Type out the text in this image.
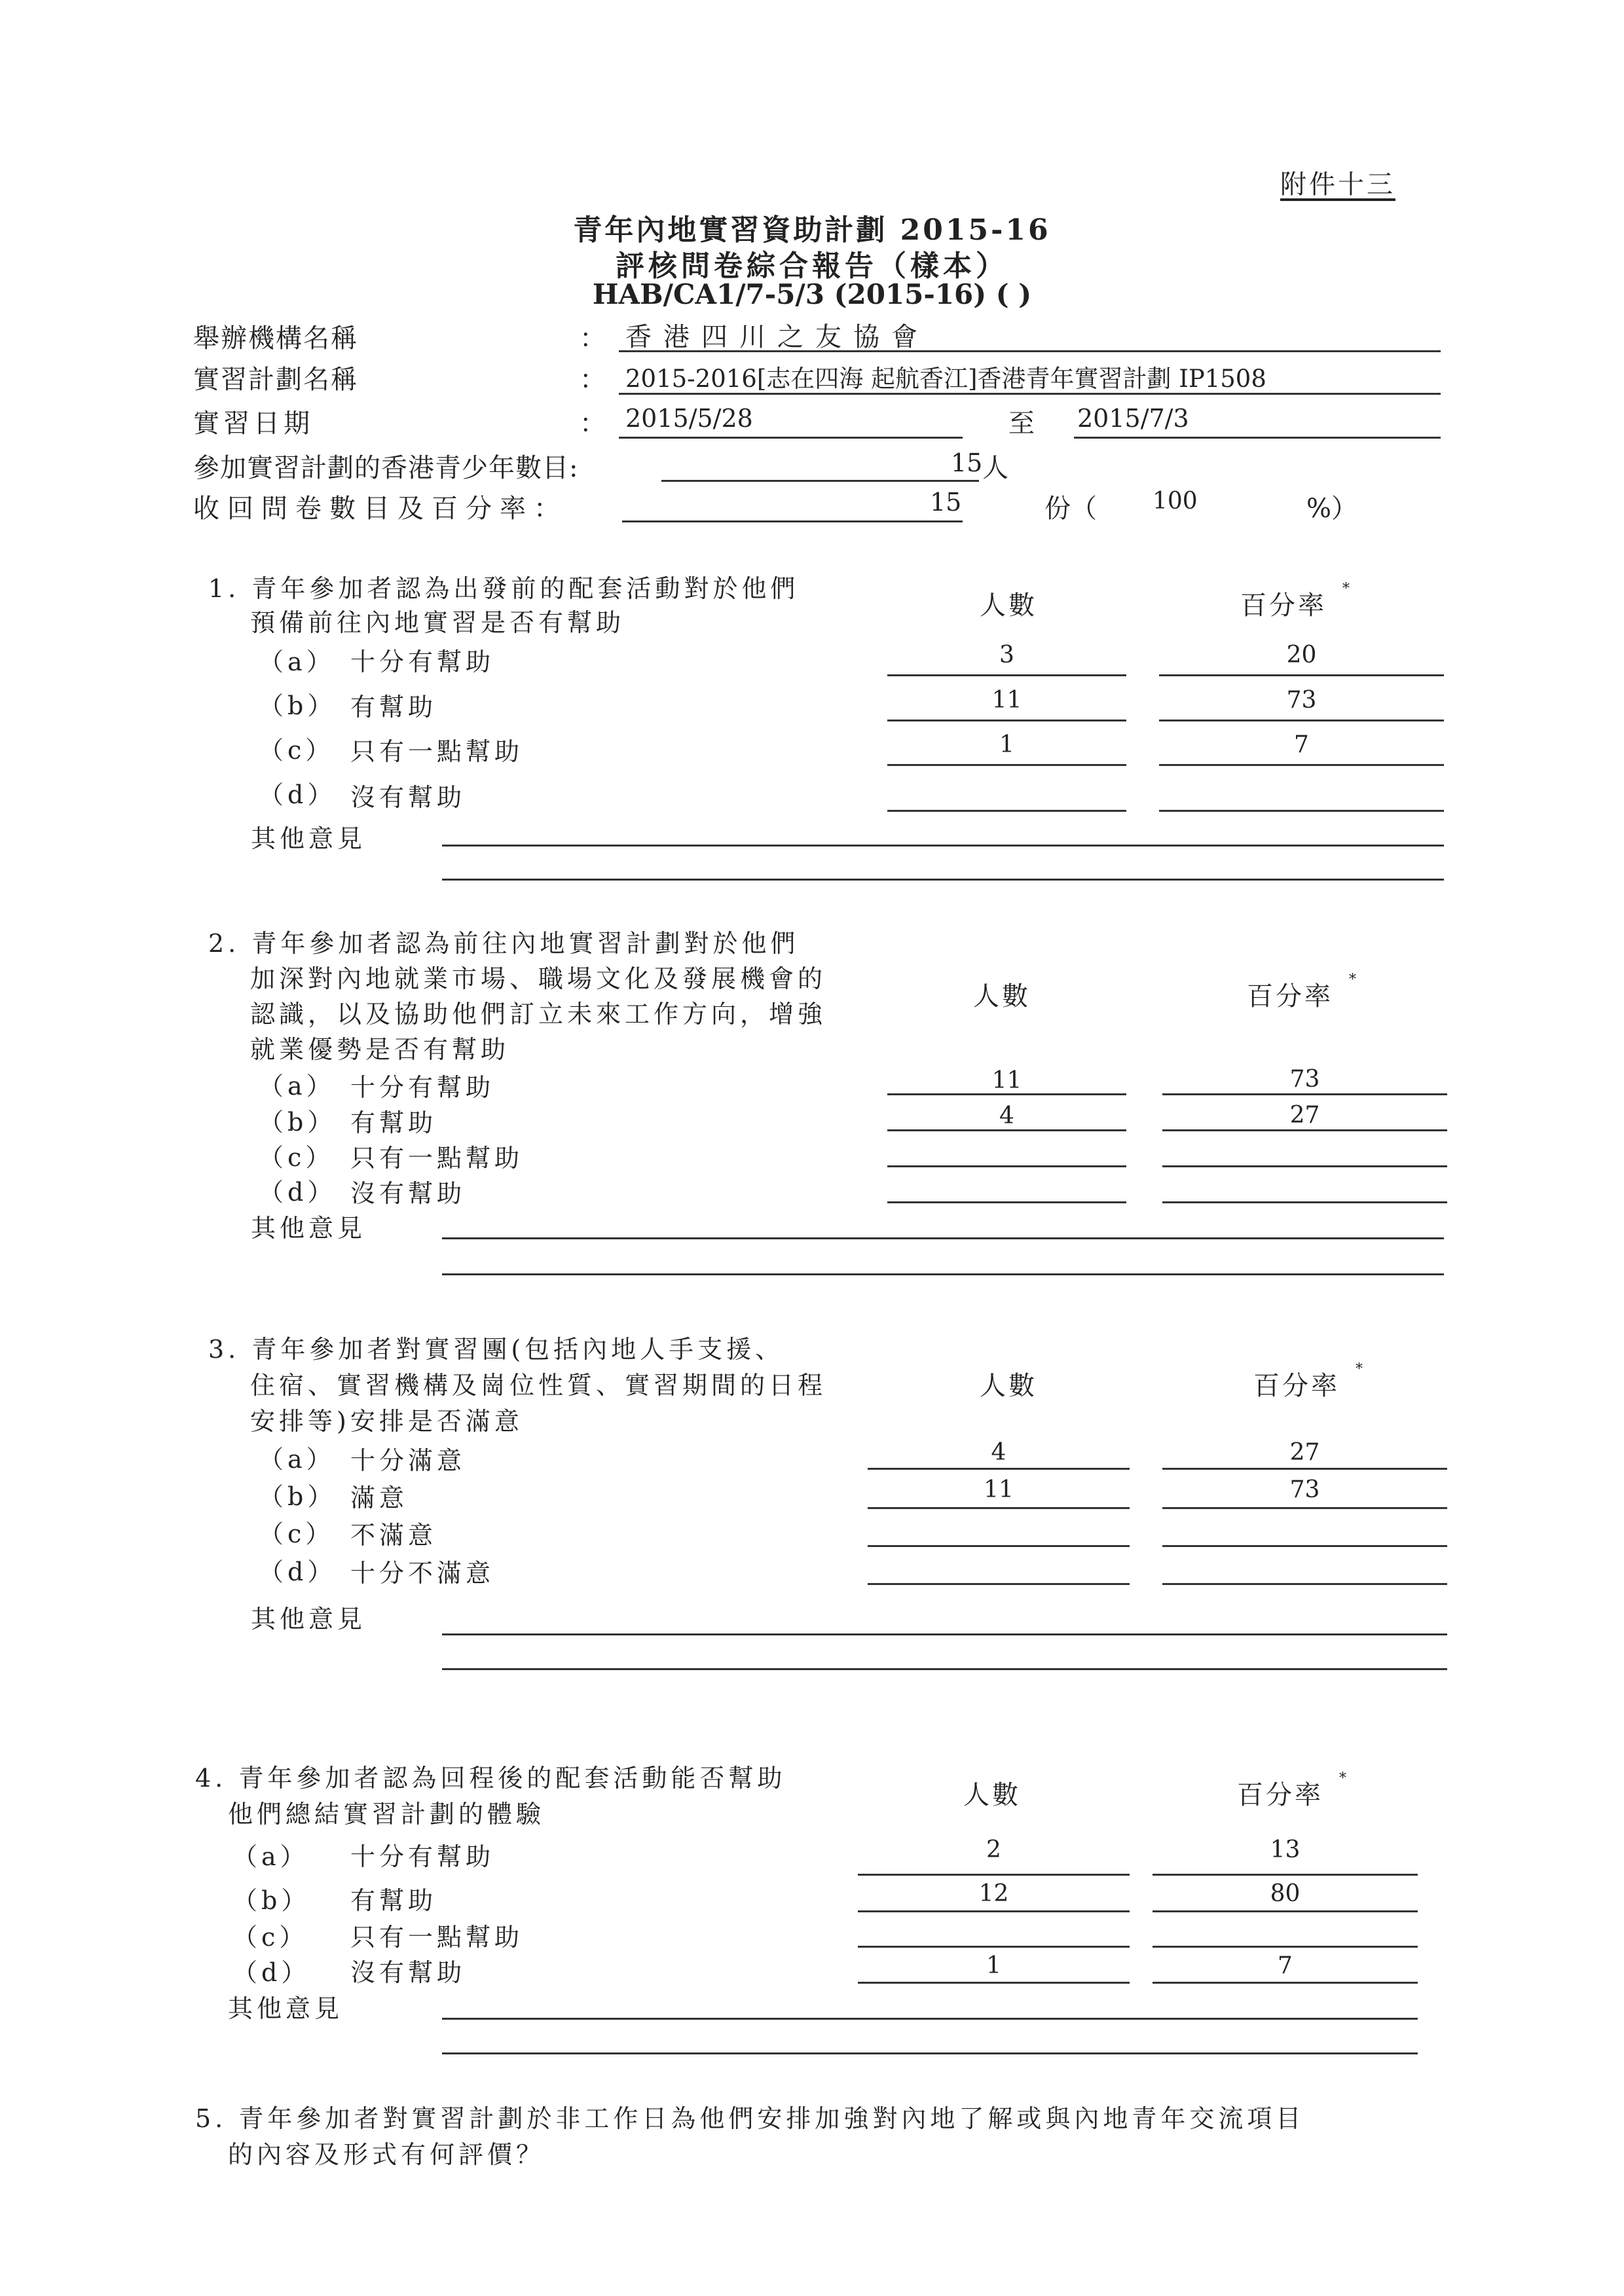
附件十三
青年內地實習資助計劃 2015-16
評核問卷綜合報告（樣本）
HAB/CA1/7-5/3 (2015-16) ( )
舉辦機構名稱	： 香港四川之友協會
實習計劃名稱	： 2015-2016[志在四海 起航香江]香港青年實習計劃 IP1508
實習日期	： 2015/5/28	至 2015/7/3
參加實習計劃的香港青少年數目:	15 人
收回問卷數目及百分率：	15	份（ 100	%）
1. 青年參加者認為出發前的配套活動對於他們
預備前往內地實習是否有幫助
人數	百分率
*
（a） 十分有幫助	3	20
（b） 有幫助	11	73
（c） 只有一點幫助	1	7
（d） 沒有幫助
其他意見
2. 青年參加者認為前往內地實習計劃對於他們
加深對內地就業市場、職場文化及發展機會的
認識，以及協助他們訂立未來工作方向，增強
就業優勢是否有幫助
人數	百分率
*
（a） 十分有幫助	11	73
（b） 有幫助	4	27
（c） 只有一點幫助
（d） 沒有幫助
其他意見
3. 青年參加者對實習團(包括內地人手支援、
住宿、實習機構及崗位性質、實習期間的日程
安排等)安排是否滿意
人數	百分率
*
（a） 十分滿意	4	27
（b） 滿意	11	73
（c） 不滿意
（d） 十分不滿意
其他意見
4. 青年參加者認為回程後的配套活動能否幫助
他們總結實習計劃的體驗
人數	百分率
*
（a） 十分有幫助	2	13
（b） 有幫助	12	80
（c） 只有一點幫助
（d） 沒有幫助	1	7
其他意見
5. 青年參加者對實習計劃於非工作日為他們安排加強對內地了解或與內地青年交流項目
的內容及形式有何評價？
